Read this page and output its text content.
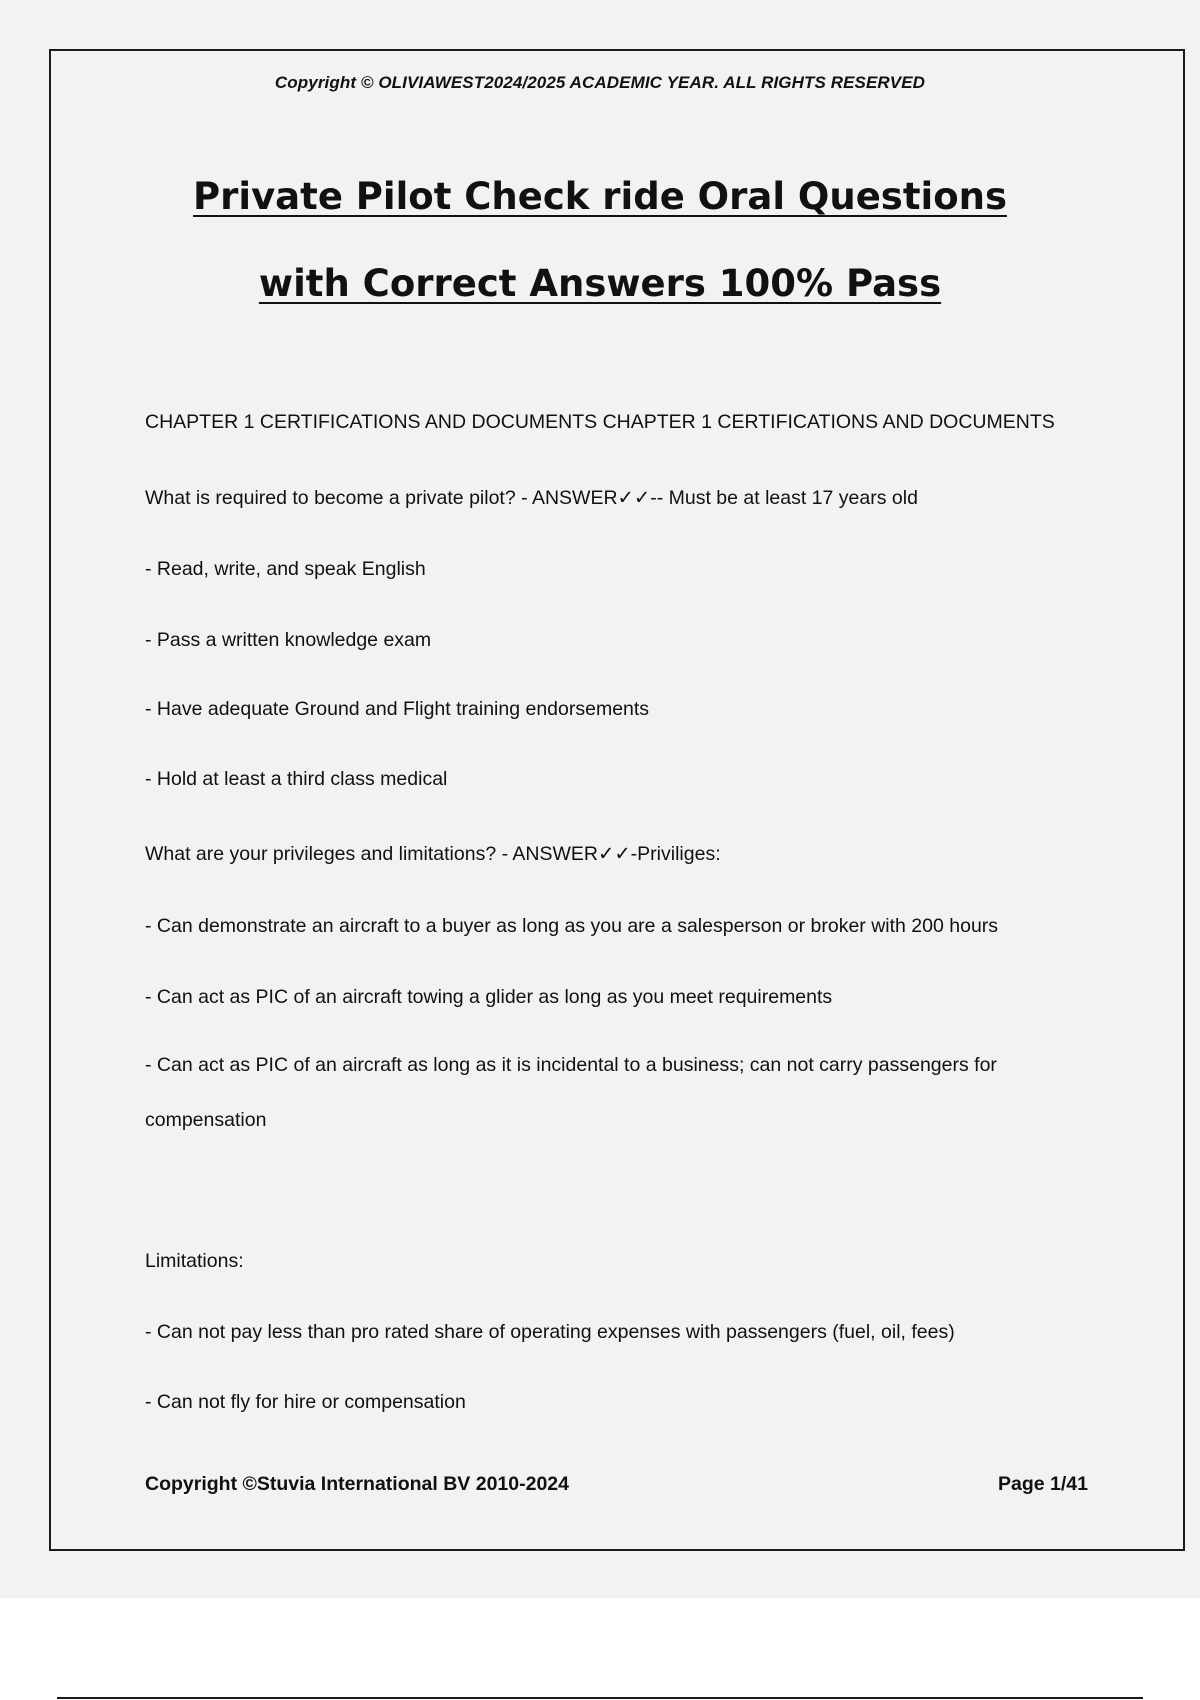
Copyright © OLIVIAWEST2024/2025 ACADEMIC YEAR. ALL RIGHTS RESERVED
Private Pilot Check ride Oral Questions
with Correct Answers 100% Pass
CHAPTER 1 CERTIFICATIONS AND DOCUMENTS CHAPTER 1 CERTIFICATIONS AND DOCUMENTS
What is required to become a private pilot? - ANSWER✓✓-- Must be at least 17 years old
- Read, write, and speak English
- Pass a written knowledge exam
- Have adequate Ground and Flight training endorsements
- Hold at least a third class medical
What are your privileges and limitations? - ANSWER✓✓-Priviliges:
- Can demonstrate an aircraft to a buyer as long as you are a salesperson or broker with 200 hours
- Can act as PIC of an aircraft towing a glider as long as you meet requirements
- Can act as PIC of an aircraft as long as it is incidental to a business; can not carry passengers for
compensation
Limitations:
- Can not pay less than pro rated share of operating expenses with passengers (fuel, oil, fees)
- Can not fly for hire or compensation
Copyright ©Stuvia International BV 2010-2024	Page 1/41
